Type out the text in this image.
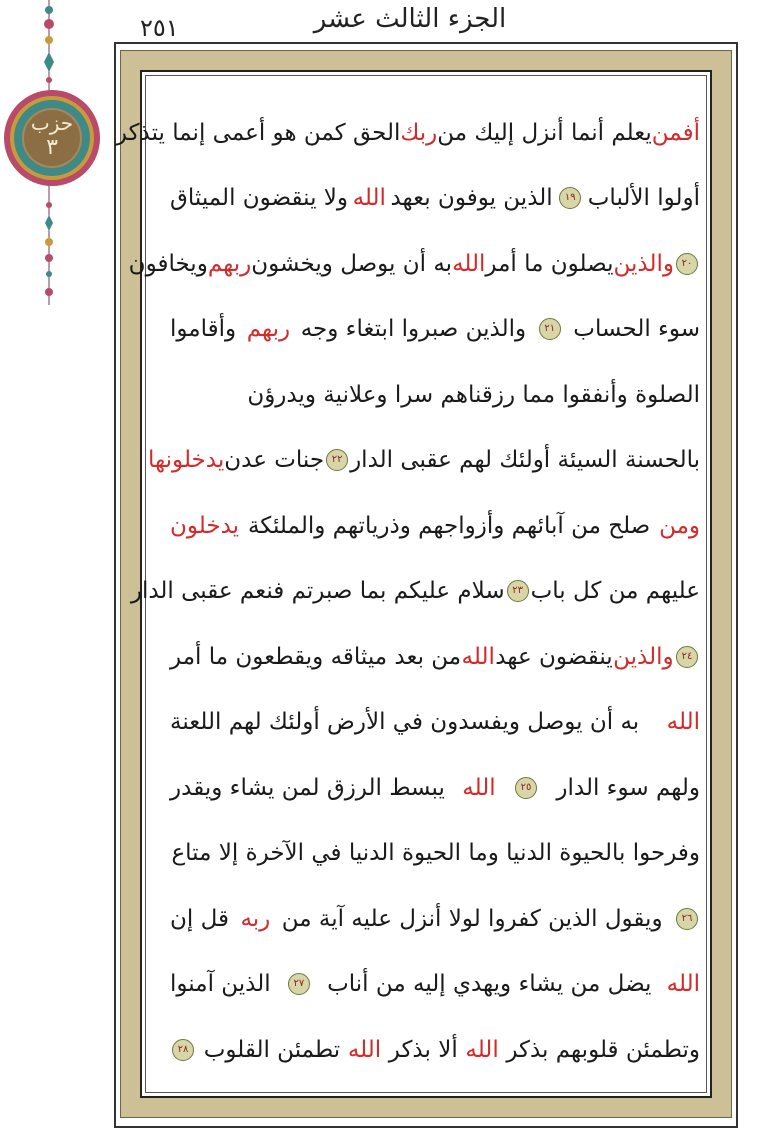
حزب
٣
٢٥١	الجزء الثالث عشر
أفمن
يعلم أنما أنزل إليك من
ربك
الحق كمن هو أعمى إنما يتذكر
أولوا الألباب
١٩
الذين يوفون بعهد
الله
ولا ينقضون الميثاق
٢٠
والذين
يصلون ما أمر
الله
به أن يوصل ويخشون
ربهم
ويخافون
سوء الحساب
٢١
والذين صبروا ابتغاء وجه
ربهم
وأقاموا
الصلوة وأنفقوا مما رزقناهم سرا وعلانية ويدرؤن
بالحسنة السيئة أولئك لهم عقبى الدار
٢٢
جنات عدن
يدخلونها
ومن
صلح من آبائهم وأزواجهم وذرياتهم والملئكة
يدخلون
عليهم من كل باب
٢٣
سلام عليكم بما صبرتم فنعم عقبى الدار
٢٤
والذين
ينقضون عهد
الله
من بعد ميثاقه ويقطعون ما أمر
الله
به أن يوصل ويفسدون في الأرض أولئك لهم اللعنة
ولهم سوء الدار
٢٥
الله
يبسط الرزق لمن يشاء ويقدر
وفرحوا بالحيوة الدنيا وما الحيوة الدنيا في الآخرة إلا متاع
٢٦
ويقول الذين كفروا لولا أنزل عليه آية من
ربه
قل إن
الله
يضل من يشاء ويهدي إليه من أناب
٢٧
الذين آمنوا
وتطمئن قلوبهم بذكر
الله
ألا بذكر
الله
تطمئن القلوب
٢٨
